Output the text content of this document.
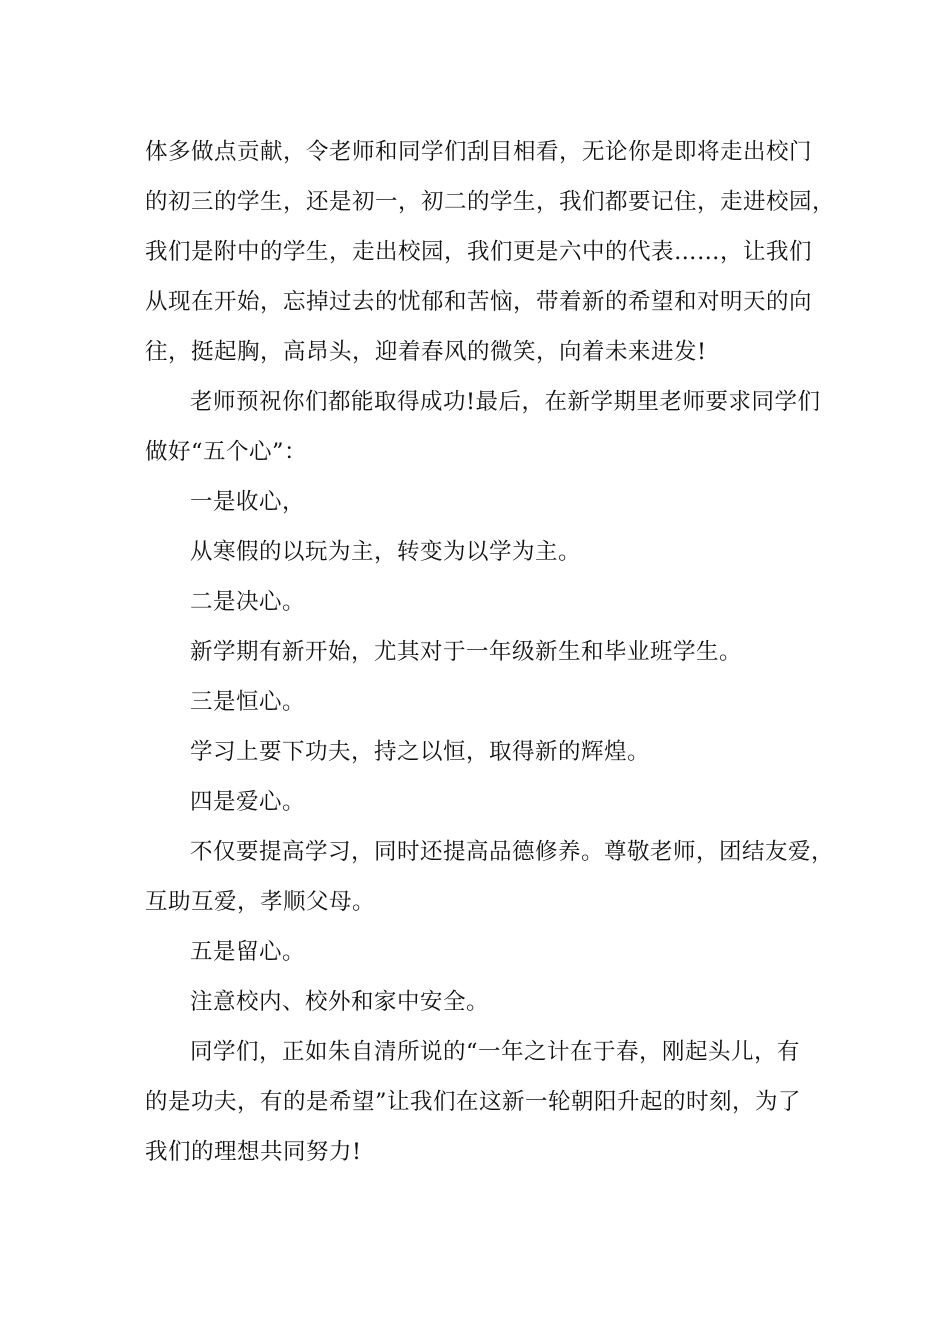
体多做点贡献，令老师和同学们刮目相看，无论你是即将走出校门

的初三的学生，还是初一，初二的学生，我们都要记住，走进校园，

我们是附中的学生，走出校园，我们更是六中的代表……，让我们

从现在开始，忘掉过去的忧郁和苦恼，带着新的希望和对明天的向

往，挺起胸，高昂头，迎着春风的微笑，向着未来进发!

老师预祝你们都能取得成功!最后，在新学期里老师要求同学们

做好“五个心”：

一是收心，

从寒假的以玩为主，转变为以学为主。

二是决心。

新学期有新开始，尤其对于一年级新生和毕业班学生。

三是恒心。

学习上要下功夫，持之以恒，取得新的辉煌。

四是爱心。

不仅要提高学习，同时还提高品德修养。尊敬老师，团结友爱，

互助互爱，孝顺父母。

五是留心。

注意校内、校外和家中安全。

同学们，正如朱自清所说的“一年之计在于春，刚起头儿，有

的是功夫，有的是希望”让我们在这新一轮朝阳升起的时刻，为了

我们的理想共同努力!
